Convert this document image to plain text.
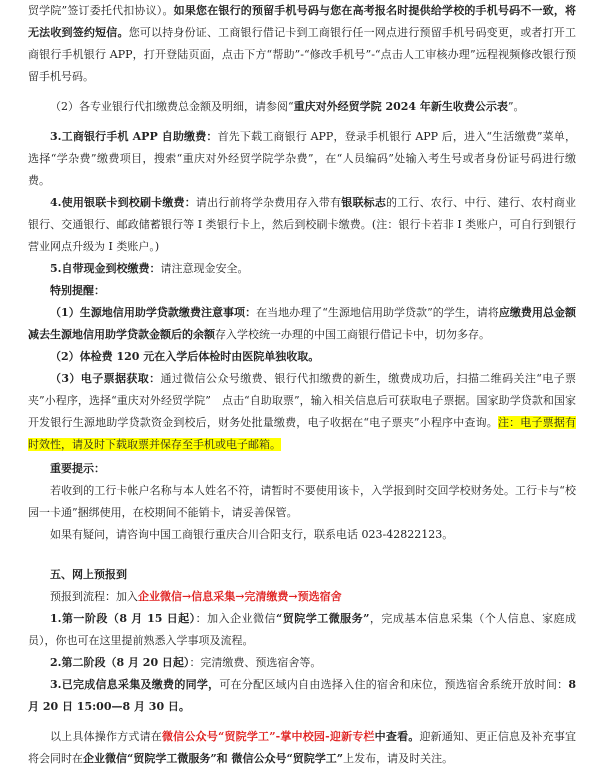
贸学院”签订委托代扣协议）。如果您在银行的预留手机号码与您在高考报名时提供给学校的手机号码不一致，将无法收到签约短信。您可以持身份证、工商银行借记卡到工商银行任一网点进行预留手机号码变更，或者打开工商银行手机银行 APP，打开登陆页面，点击下方“帮助”-“修改手机号”-“点击人工审核办理”远程视频修改银行预留手机号码。

（2）各专业银行代扣缴费总金额及明细，请参阅“重庆对外经贸学院 2024 年新生收费公示表”。

3.工商银行手机 APP 自助缴费：首先下载工商银行 APP，登录手机银行 APP 后，进入“生活缴费”菜单，选择“学杂费”缴费项目，搜索“重庆对外经贸学院学杂费”，在“人员编码”处输入考生号或者身份证号码进行缴费。

4.使用银联卡到校刷卡缴费：请出行前将学杂费用存入带有银联标志的工行、农行、中行、建行、农村商业银行、交通银行、邮政储蓄银行等 I 类银行卡上，然后到校刷卡缴费。(注：银行卡若非 I 类账户，可自行到银行营业网点升级为 I 类账户。)

5.自带现金到校缴费：请注意现金安全。

特别提醒：

（1）生源地信用助学贷款缴费注意事项：在当地办理了“生源地信用助学贷款”的学生，请将应缴费用总金额减去生源地信用助学贷款金额后的余额存入学校统一办理的中国工商银行借记卡中，切勿多存。

（2）体检费 120 元在入学后体检时由医院单独收取。

（3）电子票据获取：通过微信公众号缴费、银行代扣缴费的新生，缴费成功后，扫描二维码关注“电子票夹”小程序，选择“重庆对外经贸学院”　点击“自助取票”，输入相关信息后可获取电子票据。国家助学贷款和国家开发银行生源地助学贷款资金到校后，财务处批量缴费，电子收据在“电子票夹”小程序中查询。注：电子票据有时效性，请及时下载取票并保存至手机或电子邮箱。

重要提示：

若收到的工行卡帐户名称与本人姓名不符，请暂时不要使用该卡，入学报到时交回学校财务处。工行卡与“校园一卡通”捆绑使用，在校期间不能销卡，请妥善保管。

如果有疑问，请咨询中国工商银行重庆合川合阳支行，联系电话 023-42822123。

五、网上预报到

预报到流程：加入企业微信→信息采集→完清缴费→预选宿舍

1.第一阶段（8 月 15 日起）：加入企业微信“贸院学工微服务”，完成基本信息采集（个人信息、家庭成员），你也可在这里提前熟悉入学事项及流程。

2.第二阶段（8 月 20 日起）：完清缴费、预选宿舍等。

3.已完成信息采集及缴费的同学，可在分配区域内自由选择入住的宿舍和床位，预选宿舍系统开放时间：8 月 20 日 15:00—8 月 30 日。

以上具体操作方式请在微信公众号“贸院学工”-掌中校园-迎新专栏中查看。迎新通知、更正信息及补充事宜将会同时在企业微信“贸院学工微服务”和 微信公众号“贸院学工”上发布，请及时关注。
